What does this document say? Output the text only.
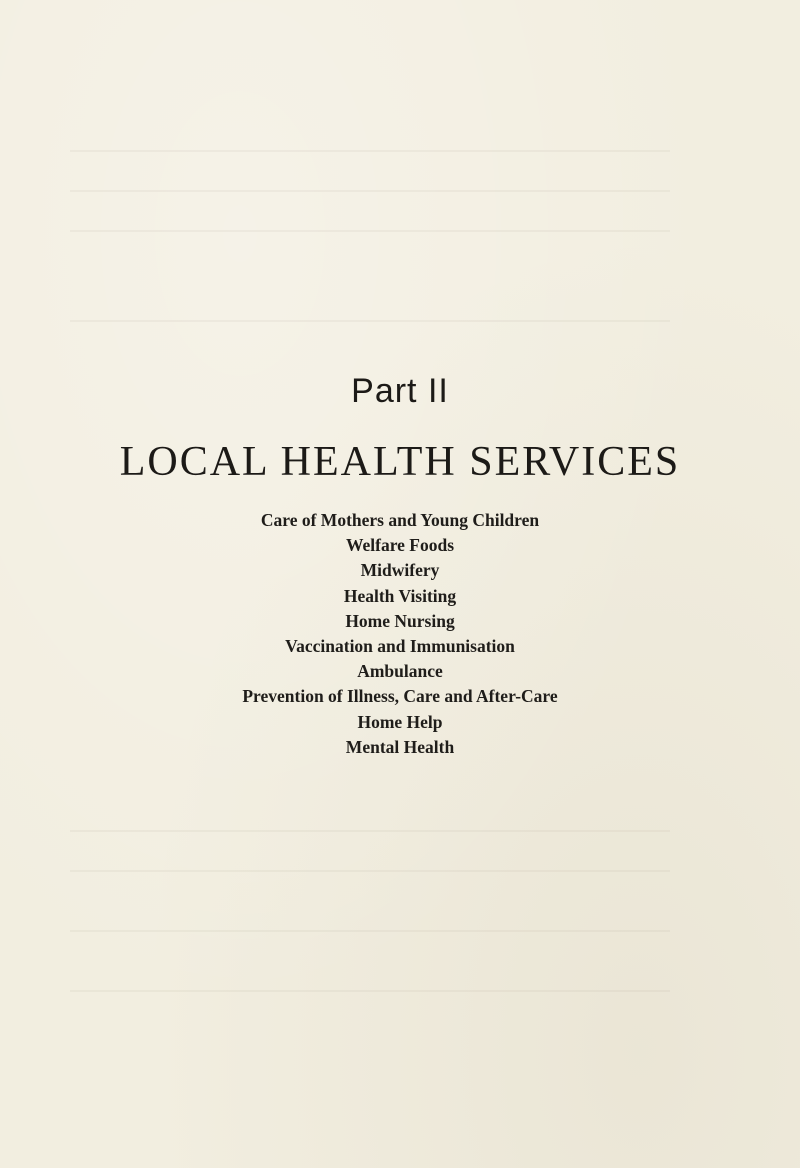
Part II
LOCAL HEALTH SERVICES
Care of Mothers and Young Children
Welfare Foods
Midwifery
Health Visiting
Home Nursing
Vaccination and Immunisation
Ambulance
Prevention of Illness, Care and After-Care
Home Help
Mental Health
